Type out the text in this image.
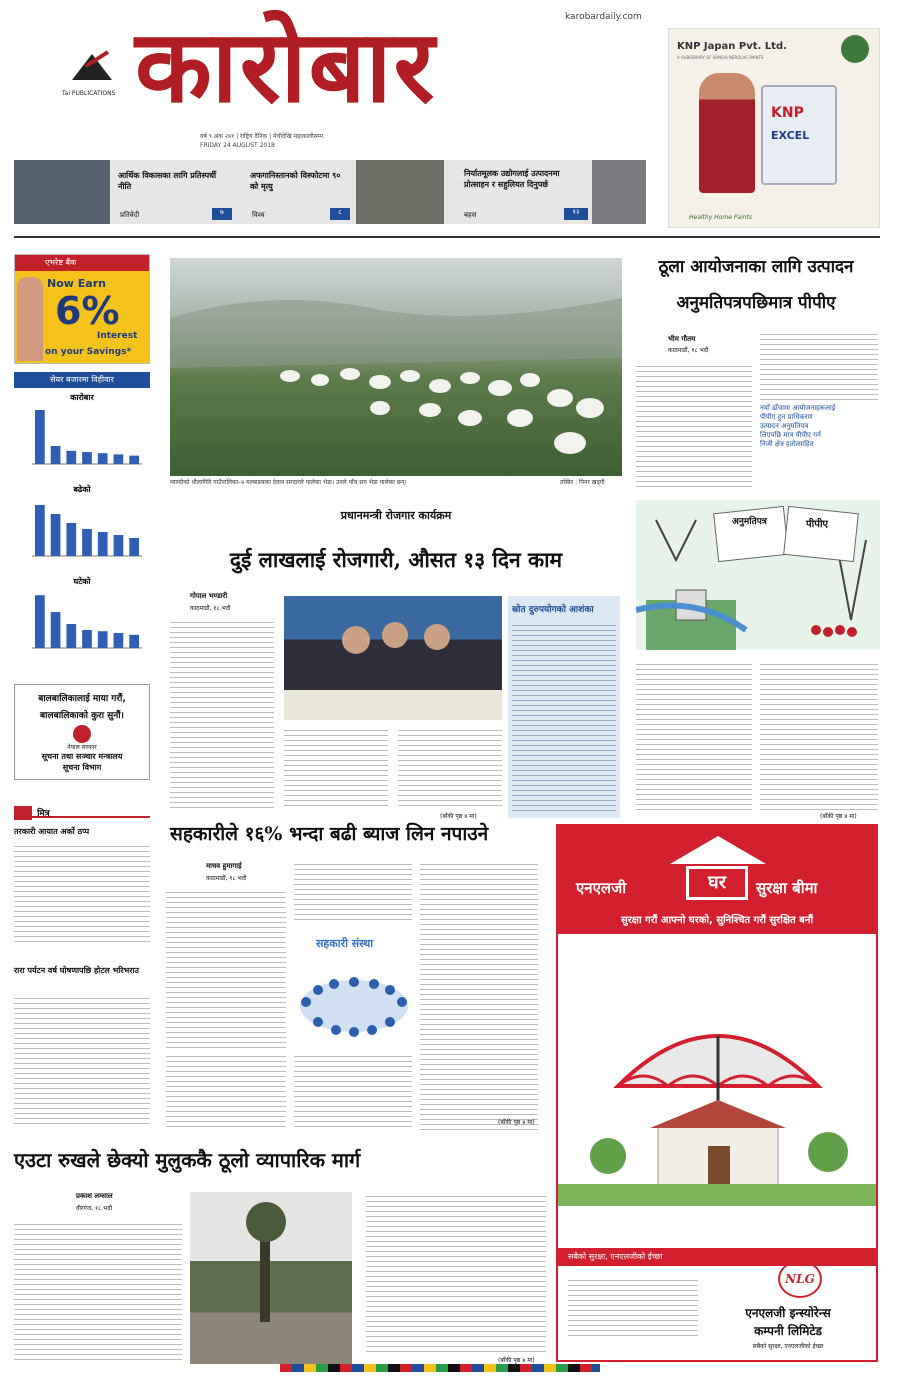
Tai PUBLICATIONS कारोबार	karobardaily.com
वर्ष ९ अंक २४१ | राष्ट्रिय दैनिक | मेचीदेखि महाकालीसम्म
FRIDAY 24 AUGUST 2018
KNP Japan Pvt. Ltd.
A SUBSIDIARY OF KANSAI NEROLAC PAINTS
KNP
EXCEL
Healthy Home Paints
आर्थिक विकासका लागि प्रतिस्पर्धी नीति
प्रतिवेदी	७
अफगानिस्तानको विस्फोटमा ९० को मृत्यु
विश्व	८
निर्यातमूलक उद्योगलाई उत्पादनमा प्रोत्साहन र सहुलियत दिनुपर्छ
बहस	१२
एभरेष्ट बैंक
Now Earn
6%
Interest
on your Savings*
सेयर बजारमा विहीवार
कारोबार
बढेको
घटेको
बालबालिकालाई माया गरौं,
बालबालिकाको कुरा सुनौं।
नेपाल सरकार
सूचना तथा सञ्चार मन्त्रालय
सूचना विभाग
मित्र
तरकारी आयात अर्को ठप्प
रारा पर्यटन वर्ष घोषणापछि होटल भरिभराउ
म्याग्दीको धौलागिरि गाउँपालिका–४ मल्बाङबका देवान सरदारले पालेका भेडा। उनले पाँच सय भेडा पालेका छन्।	तस्बिर : पिनर खड्गी
प्रधानमन्त्री रोजगार कार्यक्रम
दुई लाखलाई रोजगारी, औसत १३ दिन काम
गोपाल भण्डारी
काठमाडौं, १८ भदौ
(बाँकी पृष्ठ ४ मा)
स्रोत दुरुपयोगको आशंका
ठूला आयोजनाका लागि उत्पादन
अनुमतिपत्रपछिमात्र पीपीए
भीम गौतम
काठमाडौं, १८ भदौ
नयाँ ढाँचामा आयोजनाहरूलाई
पीपीए हुन प्राधिकरण
उत्पादन अनुमतिपत्र
लिएपछि मात्र पीपीए गर्न
निजी क्षेत्र हतोत्साहित
अनुमतिपत्र	पीपीए
(बाँकी पृष्ठ ४ मा)
सहकारीले १६% भन्दा बढी ब्याज लिन नपाउने
माधव हुमागाई
काठमाडौं, १८ भदौ
सहकारी संस्था
(बाँकी पृष्ठ ४ मा)
एउटा रुखले छेक्यो मुलुककै ठूलो व्यापारिक मार्ग
प्रकाश लम्साल
वीरगंज, १८ भदौ
(बाँकी पृष्ठ ४ मा)
एनएलजी	घर	सुरक्षा बीमा
सुरक्षा गरौं आफ्नो घरको, सुनिश्चित गरौं सुरक्षित बनौं
एनएलजी इन्स्योरेन्सको घर सुरक्षा बीमा लिई भूकम्प तथा आगलागी वा अन्य कारणबाट हुने क्षतिबाट घर वा घरमा भएको सम्पत्तिलाई सुरक्षित बनाऔं
सबैको सुरक्षा, एनएलजीको ईच्छा
NLG
एनएलजी इन्स्योरेन्स
कम्पनी लिमिटेड
सबैको सुरक्षा, एनएलजीको ईच्छा
